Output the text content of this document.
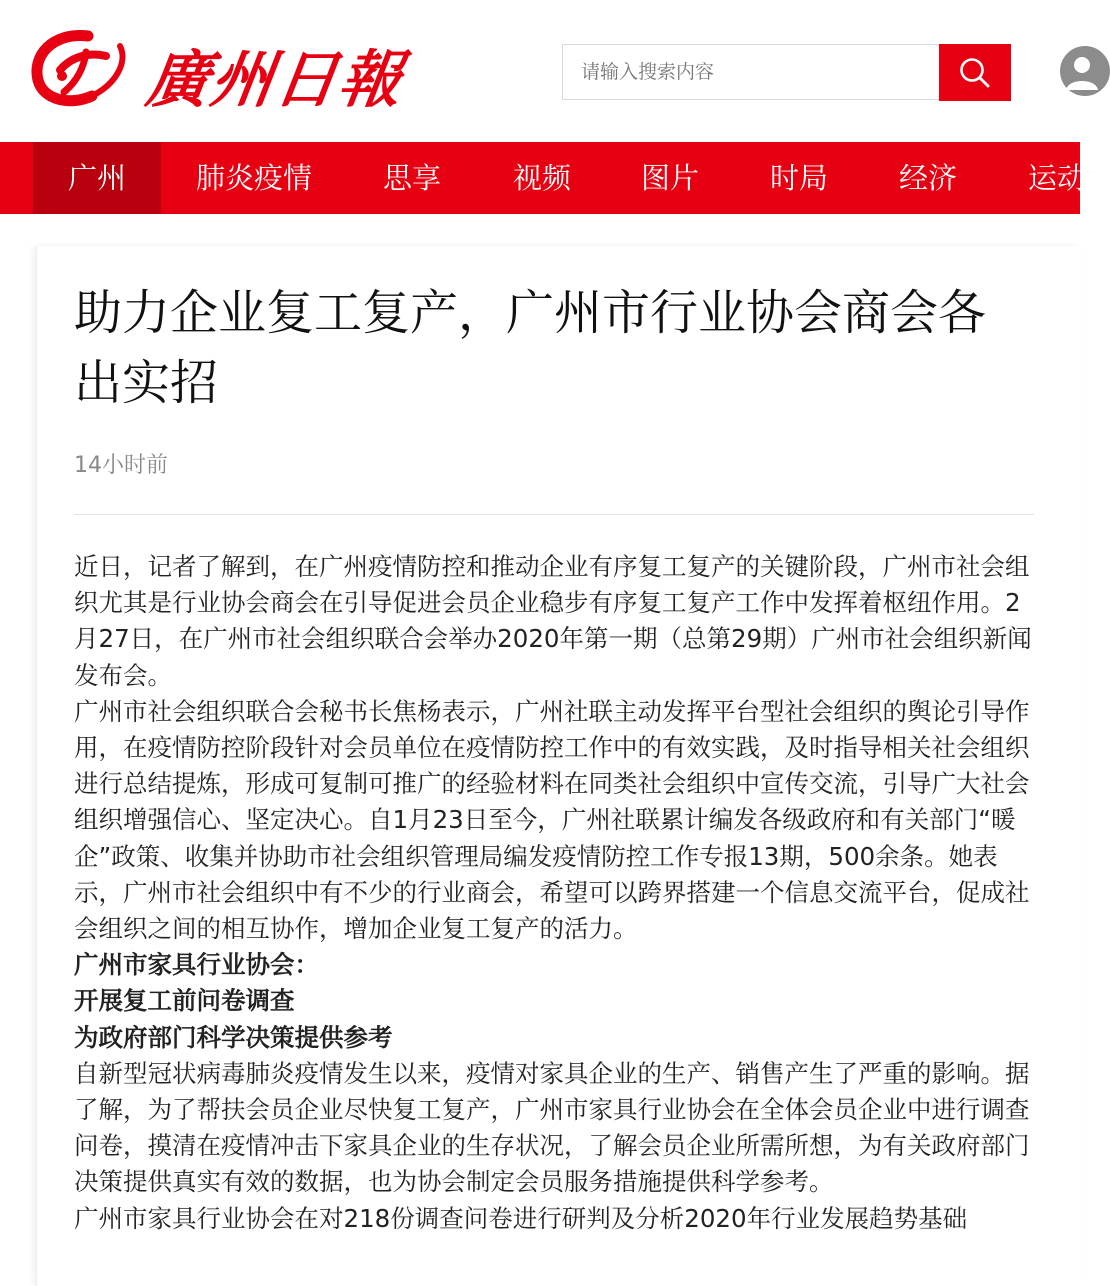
廣州日報
请输入搜索内容
广州	肺炎疫情	思享	视频	图片	时局	经济	运动
助力企业复工复产，广州市行业协会商会各出实招
14小时前

近日，记者了解到，在广州疫情防控和推动企业有序复工复产的关键阶段，广州市社会组织尤其是行业协会商会在引导促进会员企业稳步有序复工复产工作中发挥着枢纽作用。2月27日，在广州市社会组织联合会举办2020年第一期（总第29期）广州市社会组织新闻发布会。

广州市社会组织联合会秘书长焦杨表示，广州社联主动发挥平台型社会组织的舆论引导作用，在疫情防控阶段针对会员单位在疫情防控工作中的有效实践，及时指导相关社会组织进行总结提炼，形成可复制可推广的经验材料在同类社会组织中宣传交流，引导广大社会组织增强信心、坚定决心。自1月23日至今，广州社联累计编发各级政府和有关部门“暖企”政策、收集并协助市社会组织管理局编发疫情防控工作专报13期，500余条。她表示，广州市社会组织中有不少的行业商会，希望可以跨界搭建一个信息交流平台，促成社会组织之间的相互协作，增加企业复工复产的活力。

广州市家具行业协会：

开展复工前问卷调查

为政府部门科学决策提供参考

自新型冠状病毒肺炎疫情发生以来，疫情对家具企业的生产、销售产生了严重的影响。据了解，为了帮扶会员企业尽快复工复产，广州市家具行业协会在全体会员企业中进行调查问卷，摸清在疫情冲击下家具企业的生存状况，了解会员企业所需所想，为有关政府部门决策提供真实有效的数据，也为协会制定会员服务措施提供科学参考。

广州市家具行业协会在对218份调查问卷进行研判及分析2020年行业发展趋势基础
